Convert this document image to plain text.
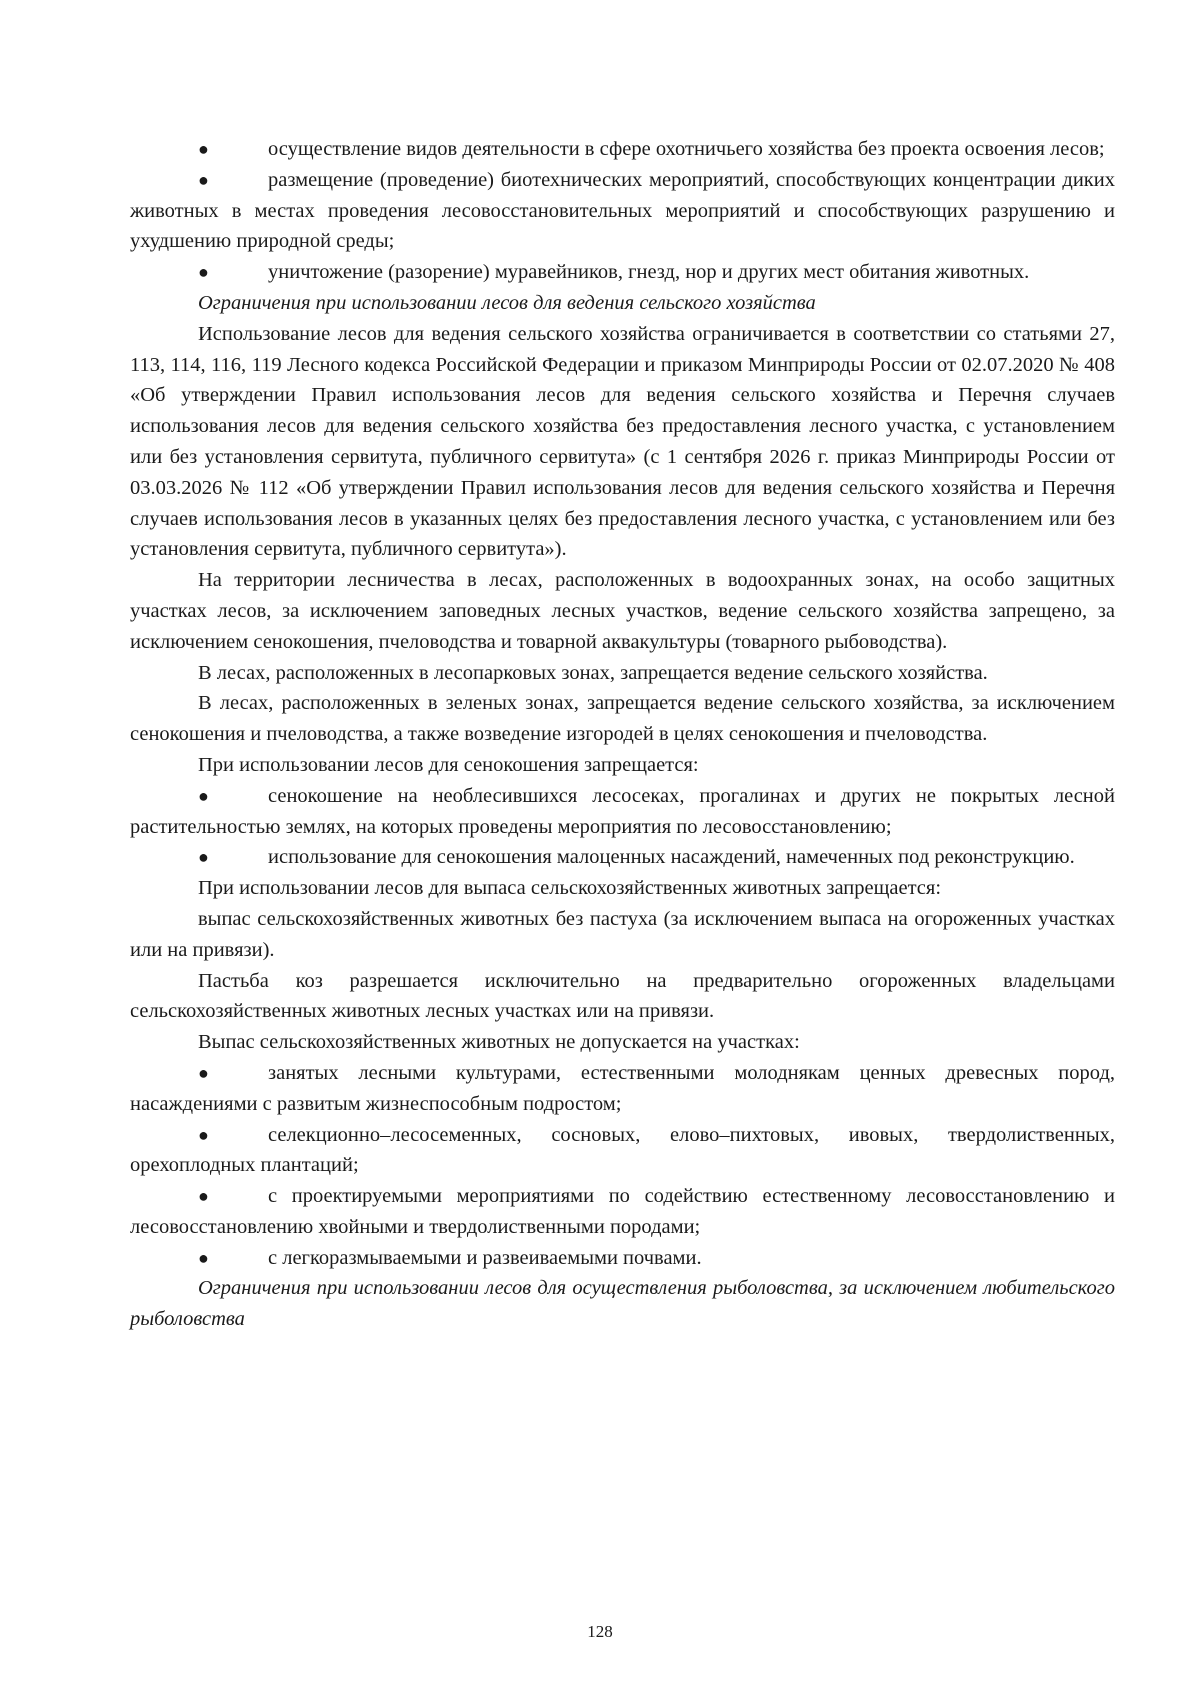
●	осуществление видов деятельности в сфере охотничьего хозяйства без проекта освоения лесов;

●	размещение (проведение) биотехнических мероприятий, способствующих концентрации диких животных в местах проведения лесовосстановительных мероприятий и способствующих разрушению и ухудшению природной среды;

●	уничтожение (разорение) муравейников, гнезд, нор и других мест обитания животных.

Ограничения при использовании лесов для ведения сельского хозяйства

Использование лесов для ведения сельского хозяйства ограничивается в соответствии со статьями 27, 113, 114, 116, 119 Лесного кодекса Российской Федерации и приказом Минприроды России от 02.07.2020 № 408 «Об утверждении Правил использования лесов для ведения сельского хозяйства и Перечня случаев использования лесов для ведения сельского хозяйства без предоставления лесного участка, с установлением или без установления сервитута, публичного сервитута» (с 1 сентября 2026 г. приказ Минприроды России от 03.03.2026 № 112 «Об утверждении Правил использования лесов для ведения сельского хозяйства и Перечня случаев использования лесов в указанных целях без предоставления лесного участка, с установлением или без установления сервитута, публичного сервитута»).

На территории лесничества в лесах, расположенных в водоохранных зонах, на особо защитных участках лесов, за исключением заповедных лесных участков, ведение сельского хозяйства запрещено, за исключением сенокошения, пчеловодства и товарной аквакультуры (товарного рыбоводства).

В лесах, расположенных в лесопарковых зонах, запрещается ведение сельского хозяйства.

В лесах, расположенных в зеленых зонах, запрещается ведение сельского хозяйства, за исключением сенокошения и пчеловодства, а также возведение изгородей в целях сенокошения и пчеловодства.

При использовании лесов для сенокошения запрещается:

●	сенокошение на необлесившихся лесосеках, прогалинах и других не покрытых лесной растительностью землях, на которых проведены мероприятия по лесовосстановлению;

●	использование для сенокошения малоценных насаждений, намеченных под реконструкцию.

При использовании лесов для выпаса сельскохозяйственных животных запрещается:

выпас сельскохозяйственных животных без пастуха (за исключением выпаса на огороженных участках или на привязи).

Пастьба коз разрешается исключительно на предварительно огороженных владельцами сельскохозяйственных животных лесных участках или на привязи.

Выпас сельскохозяйственных животных не допускается на участках:

●	занятых лесными культурами, естественными молоднякам ценных древесных пород, насаждениями с развитым жизнеспособным подростом;

●	селекционно–лесосеменных, сосновых, елово–пихтовых, ивовых, твердолиственных, орехоплодных плантаций;

●	с проектируемыми мероприятиями по содействию естественному лесовосстановлению и лесовосстановлению хвойными и твердолиственными породами;

●	с легкоразмываемыми и развеиваемыми почвами.

Ограничения при использовании лесов для осуществления рыболовства, за исключением любительского рыболовства

128
